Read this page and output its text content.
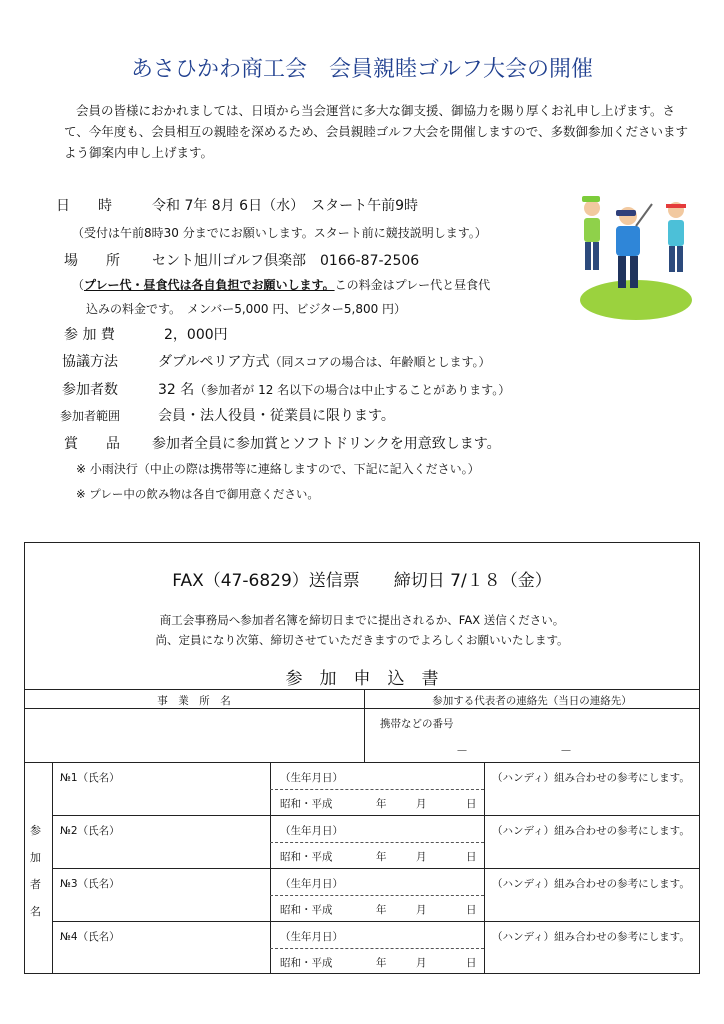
あさひかわ商工会　会員親睦ゴルフ大会の開催
会員の皆様におかれましては、日頃から当会運営に多大な御支援、御協力を賜り厚くお礼申し上げます。さて、今年度も、会員相互の親睦を深めるため、会員親睦ゴルフ大会を開催しますので、多数御参加くださいますよう御案内申し上げます。
日　　時	令和 7年 8月 6日（水）　スタート午前9時
（受付は午前8時30 分までにお願いします。スタート前に競技説明します。）
場　　所 セント旭川ゴルフ倶楽部　0166-87-2506
（プレー代・昼食代は各自負担でお願いします。この料金はプレー代と昼食代
込みの料金です。　メンバー5,000 円、ビジター5,800 円）
参 加 費	2，000円
協議方法	ダブルペリア方式（同スコアの場合は、年齢順とします。）
参加者数	32 名（参加者が 12 名以下の場合は中止することがあります。）
参加者範囲	会員・法人役員・従業員に限ります。
賞　　品 参加者全員に参加賞とソフトドリンクを用意致します。
※ 小雨決行（中止の際は携帯等に連絡しますので、下記に記入ください。）
※ プレー中の飲み物は各自で御用意ください。
FAX（47-6829）送信票　　締切日 7/１８（金）
商工会事務局へ参加者名簿を締切日までに提出されるか、FAX 送信ください。
尚、定員になり次第、締切させていただきますのでよろしくお願いいたします。
参　加　申　込　書
事　業　所　名	参加する代表者の連絡先（当日の連絡先）
携帯などの番号
－	－
参
加
者
名
№1（氏名）	（生年月日）
昭和・平成	年	月	日
（ハンディ）組み合わせの参考にします。
№2（氏名）	（生年月日）
昭和・平成	年	月	日
（ハンディ）組み合わせの参考にします。
№3（氏名）	（生年月日）
昭和・平成	年	月	日
（ハンディ）組み合わせの参考にします。
№4（氏名）	（生年月日）
昭和・平成	年	月	日
（ハンディ）組み合わせの参考にします。
